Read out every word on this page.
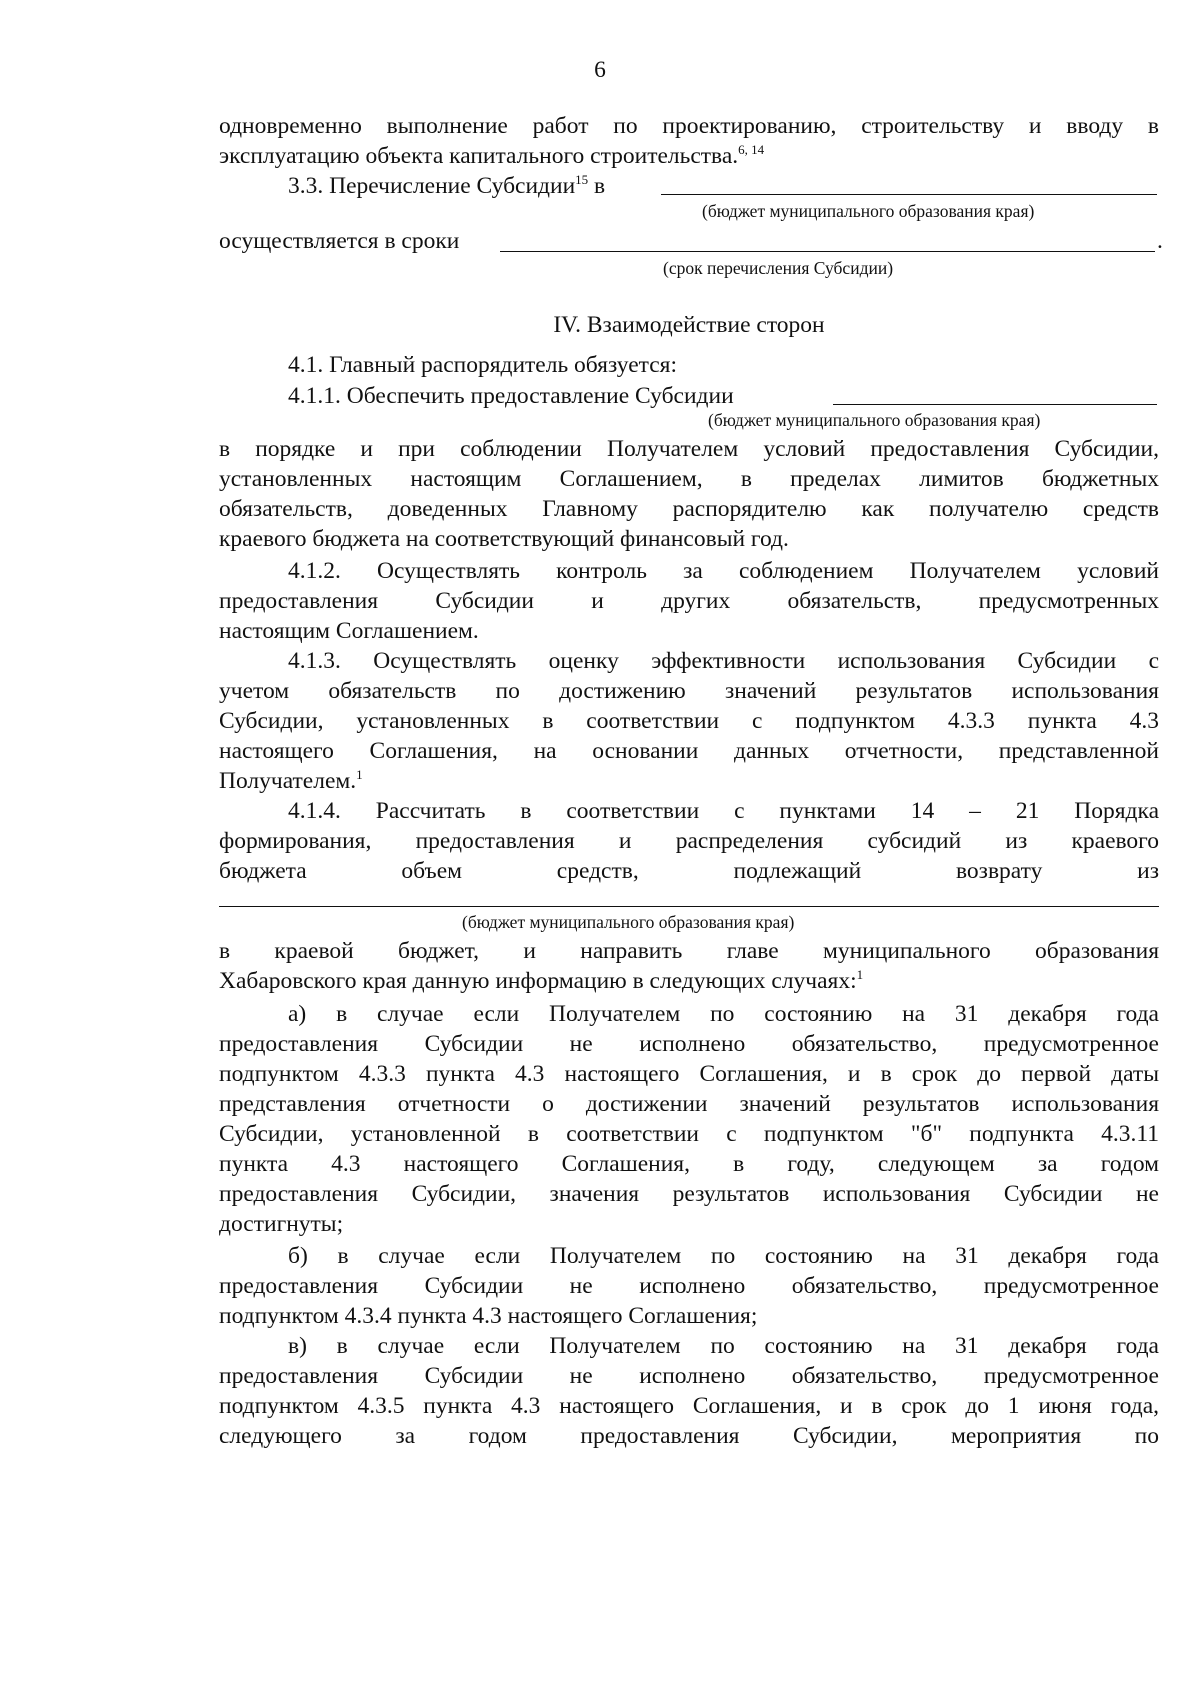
6
одновременно выполнение работ по проектированию, строительству и вводу в
эксплуатацию объекта капитального строительства.$^{6, 14}$
3.3. Перечисление Субсидии$^{15}$ в
(бюджет муниципального образования края)
осуществляется в сроки	.
(срок перечисления Субсидии)
IV. Взаимодействие сторон
4.1. Главный распорядитель обязуется:
4.1.1. Обеспечить предоставление Субсидии
(бюджет муниципального образования края)
в порядке и при соблюдении Получателем условий предоставления Субсидии,
установленных настоящим Соглашением, в пределах лимитов бюджетных
обязательств, доведенных Главному распорядителю как получателю средств
краевого бюджета на соответствующий финансовый год.
4.1.2. Осуществлять контроль за соблюдением Получателем условий
предоставления Субсидии и других обязательств, предусмотренных
настоящим Соглашением.
4.1.3. Осуществлять оценку эффективности использования Субсидии с
учетом обязательств по достижению значений результатов использования
Субсидии, установленных в соответствии с подпунктом 4.3.3 пункта 4.3
настоящего Соглашения, на основании данных отчетности, представленной
Получателем.$^1$
4.1.4. Рассчитать в соответствии с пунктами 14 – 21 Порядка
формирования, предоставления и распределения субсидий из краевого
бюджета объем средств, подлежащий возврату из
(бюджет муниципального образования края)
в краевой бюджет, и направить главе муниципального образования
Хабаровского края данную информацию в следующих случаях:$^1$
а) в случае если Получателем по состоянию на 31 декабря года
предоставления Субсидии не исполнено обязательство, предусмотренное
подпунктом 4.3.3 пункта 4.3 настоящего Соглашения, и в срок до первой даты
представления отчетности о достижении значений результатов использования
Субсидии, установленной в соответствии с подпунктом "б" подпункта 4.3.11
пункта 4.3 настоящего Соглашения, в году, следующем за годом
предоставления Субсидии, значения результатов использования Субсидии не
достигнуты;
б) в случае если Получателем по состоянию на 31 декабря года
предоставления Субсидии не исполнено обязательство, предусмотренное
подпунктом 4.3.4 пункта 4.3 настоящего Соглашения;
в) в случае если Получателем по состоянию на 31 декабря года
предоставления Субсидии не исполнено обязательство, предусмотренное
подпунктом 4.3.5 пункта 4.3 настоящего Соглашения, и в срок до 1 июня года,
следующего за годом предоставления Субсидии, мероприятия по
